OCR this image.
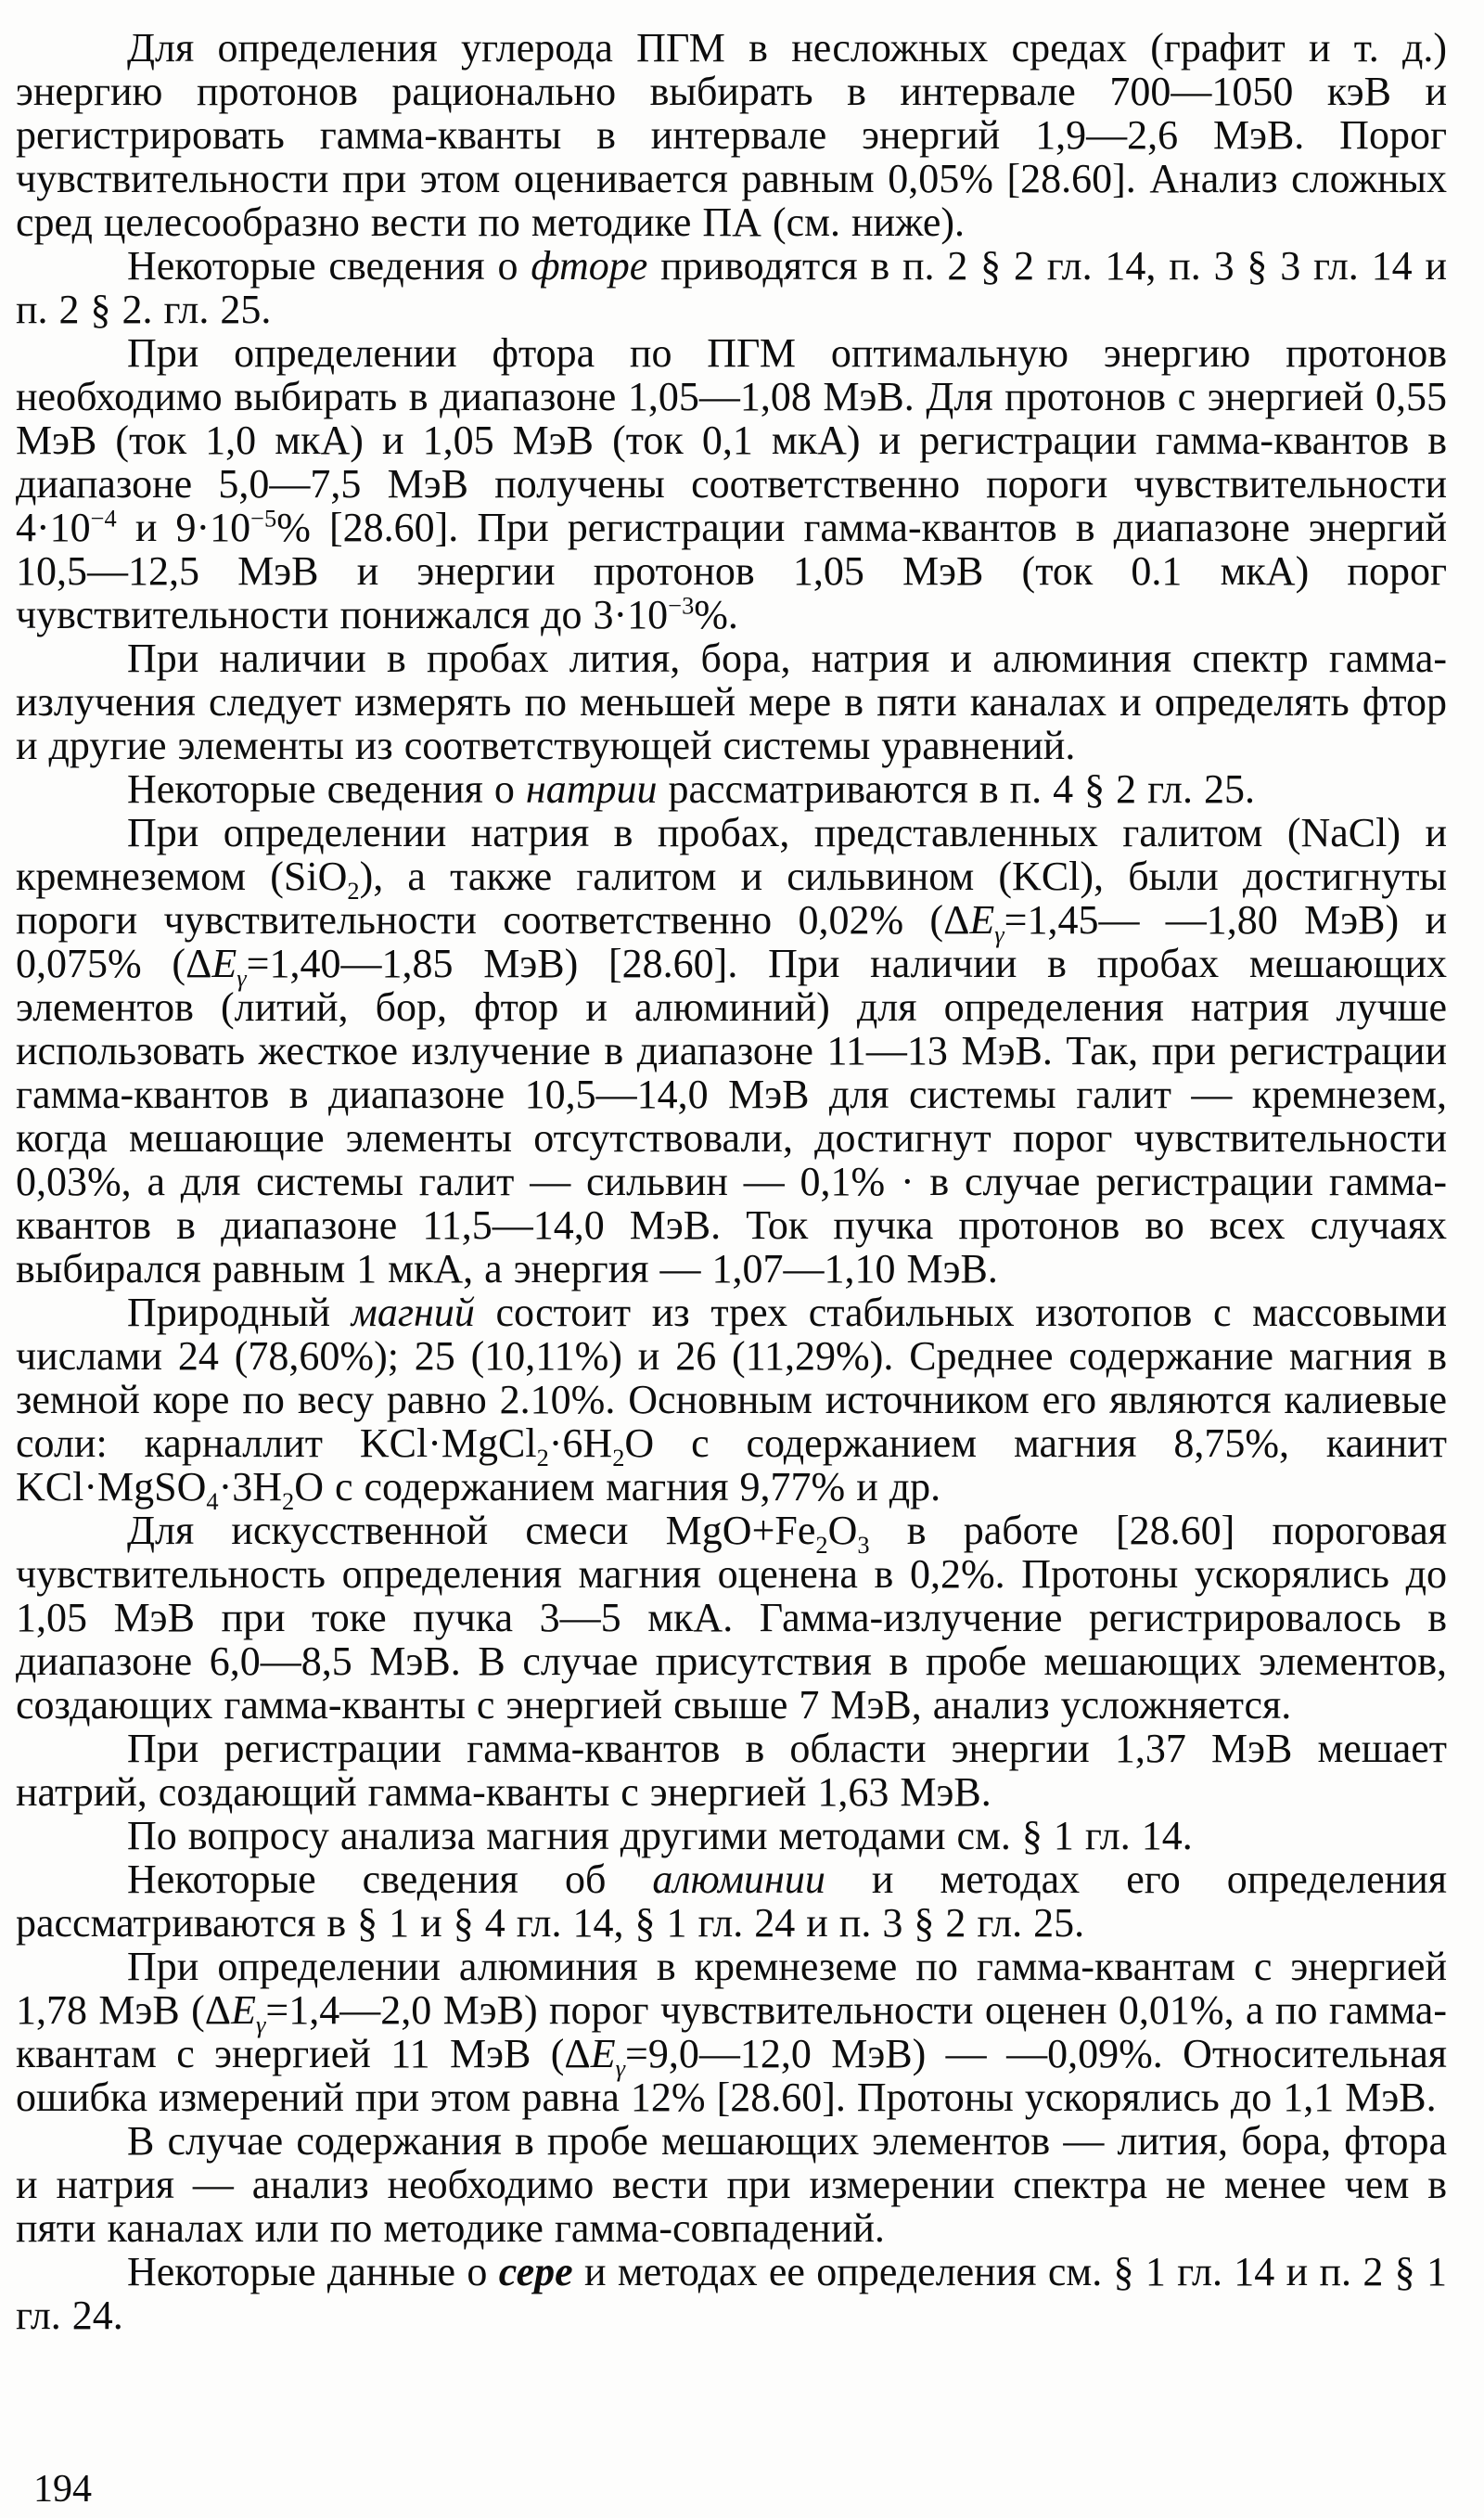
Для определения углерода ПГМ в несложных средах (графит и т. д.) энергию протонов рационально выбирать в интервале 700—1050 кэВ и регистрировать гамма-кванты в интервале энергий 1,9—2,6 МэВ. Порог чувствительности при этом оценивается равным 0,05% [28.60]. Анализ сложных сред целесообразно вести по методике ПА (см. ниже).

Некоторые сведения о фторе приводятся в п. 2 § 2 гл. 14, п. 3 § 3 гл. 14 и п. 2 § 2. гл. 25.

При определении фтора по ПГМ оптимальную энергию протонов необходимо выбирать в диапазоне 1,05—1,08 МэВ. Для протонов с энергией 0,55 МэВ (ток 1,0 мкА) и 1,05 МэВ (ток 0,1 мкА) и регистрации гамма-квантов в диапазоне 5,0—7,5 МэВ получены соответственно пороги чувствительности $4\cdot 10^{-4}$ и $9\cdot 10^{-5}\%$ [28.60]. При регистрации гамма-квантов в диапазоне энергий 10,5—12,5 МэВ и энергии протонов 1,05 МэВ (ток 0.1 мкА) порог чувствительности понижался до $3\cdot 10^{-3}\%$.

При наличии в пробах лития, бора, натрия и алюминия спектр гамма-излучения следует измерять по меньшей мере в пяти каналах и определять фтор и другие элементы из соответствующей системы уравнений.

Некоторые сведения о натрии рассматриваются в п. 4 § 2 гл. 25.

При определении натрия в пробах, представленных галитом (NaCl) и кремнеземом (SiO$_2$), а также галитом и сильвином (KCl), были достигнуты пороги чувствительности соответственно 0,02% ($\Delta E_\gamma=1,45—$ —1,80 МэВ) и 0,075% ($\Delta E_\gamma=1,40—1,85$ МэВ) [28.60]. При наличии в пробах мешающих элементов (литий, бор, фтор и алюминий) для определения натрия лучше использовать жесткое излучение в диапазоне 11—13 МэВ. Так, при регистрации гамма-квантов в диапазоне 10,5—14,0 МэВ для системы галит — кремнезем, когда мешающие элементы отсутствовали, достигнут порог чувствительности 0,03%, а для системы галит — сильвин — 0,1% · в случае регистрации гамма-квантов в диапазоне 11,5—14,0 МэВ. Ток пучка протонов во всех случаях выбирался равным 1 мкА, а энергия — 1,07—1,10 МэВ.

Природный магний состоит из трех стабильных изотопов с массовыми числами 24 (78,60%); 25 (10,11%) и 26 (11,29%). Среднее содержание магния в земной коре по весу равно 2.10%. Основным источником его являются калиевые соли: карналлит $KCl\cdot MgCl_2\cdot 6H_2O$ с содержанием магния 8,75%, каинит $KCl\cdot MgSO_4\cdot 3H_2O$ с содержанием магния 9,77% и др.

Для искусственной смеси $MgO+Fe_2O_3$ в работе [28.60] пороговая чувствительность определения магния оценена в 0,2%. Протоны ускорялись до 1,05 МэВ при токе пучка 3—5 мкА. Гамма-излучение регистрировалось в диапазоне 6,0—8,5 МэВ. В случае присутствия в пробе мешающих элементов, создающих гамма-кванты с энергией свыше 7 МэВ, анализ усложняется.

При регистрации гамма-квантов в области энергии 1,37 МэВ мешает натрий, создающий гамма-кванты с энергией 1,63 МэВ.

По вопросу анализа магния другими методами см. § 1 гл. 14.

Некоторые сведения об алюминии и методах его определения рассматриваются в § 1 и § 4 гл. 14, § 1 гл. 24 и п. 3 § 2 гл. 25.

При определении алюминия в кремнеземе по гамма-квантам с энергией 1,78 МэВ ($\Delta E_\gamma=1,4—2,0$ МэВ) порог чувствительности оценен 0,01%, а по гамма-квантам с энергией 11 МэВ ($\Delta E_\gamma=9,0—12,0$ МэВ) — —0,09%. Относительная ошибка измерений при этом равна 12% [28.60]. Протоны ускорялись до 1,1 МэВ.

В случае содержания в пробе мешающих элементов — лития, бора, фтора и натрия — анализ необходимо вести при измерении спектра не менее чем в пяти каналах или по методике гамма-совпадений.

Некоторые данные о сере и методах ее определения см. § 1 гл. 14 и п. 2 § 1 гл. 24.

194
